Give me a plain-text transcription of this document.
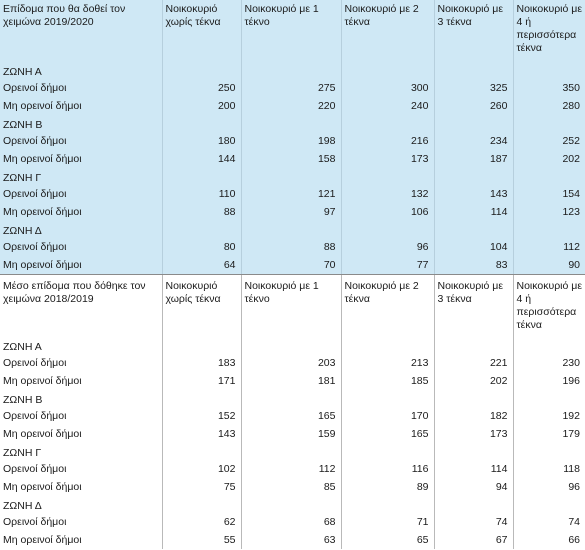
Επίδομα που θα δοθεί τον χειμώνα 2019/2020	Νοικοκυριό χωρίς τέκνα	Νοικοκυριό με 1 τέκνο	Νοικοκυριό με 2 τέκνα	Νοικοκυριό με 3 τέκνα	Νοικοκυριό με 4 ή περισσότερα τέκνα
ΖΩΝΗ Α					
Ορεινοί δήμοι	250	275	300	325	350
Μη ορεινοί δήμοι	200	220	240	260	280
ΖΩΝΗ Β					
Ορεινοί δήμοι	180	198	216	234	252
Μη ορεινοί δήμοι	144	158	173	187	202
ΖΩΝΗ Γ					
Ορεινοί δήμοι	110	121	132	143	154
Μη ορεινοί δήμοι	88	97	106	114	123
ΖΩΝΗ Δ					
Ορεινοί δήμοι	80	88	96	104	112
Μη ορεινοί δήμοι	64	70	77	83	90
Μέσο επίδομα που δόθηκε τον χειμώνα 2018/2019	Νοικοκυριό χωρίς τέκνα	Νοικοκυριό με 1 τέκνο	Νοικοκυριό με 2 τέκνα	Νοικοκυριό με 3 τέκνα	Νοικοκυριό με 4 ή περισσότερα τέκνα
ΖΩΝΗ Α					
Ορεινοί δήμοι	183	203	213	221	230
Μη ορεινοί δήμοι	171	181	185	202	196
ΖΩΝΗ Β					
Ορεινοί δήμοι	152	165	170	182	192
Μη ορεινοί δήμοι	143	159	165	173	179
ΖΩΝΗ Γ					
Ορεινοί δήμοι	102	112	116	114	118
Μη ορεινοί δήμοι	75	85	89	94	96
ΖΩΝΗ Δ					
Ορεινοί δήμοι	62	68	71	74	74
Μη ορεινοί δήμοι	55	63	65	67	66
